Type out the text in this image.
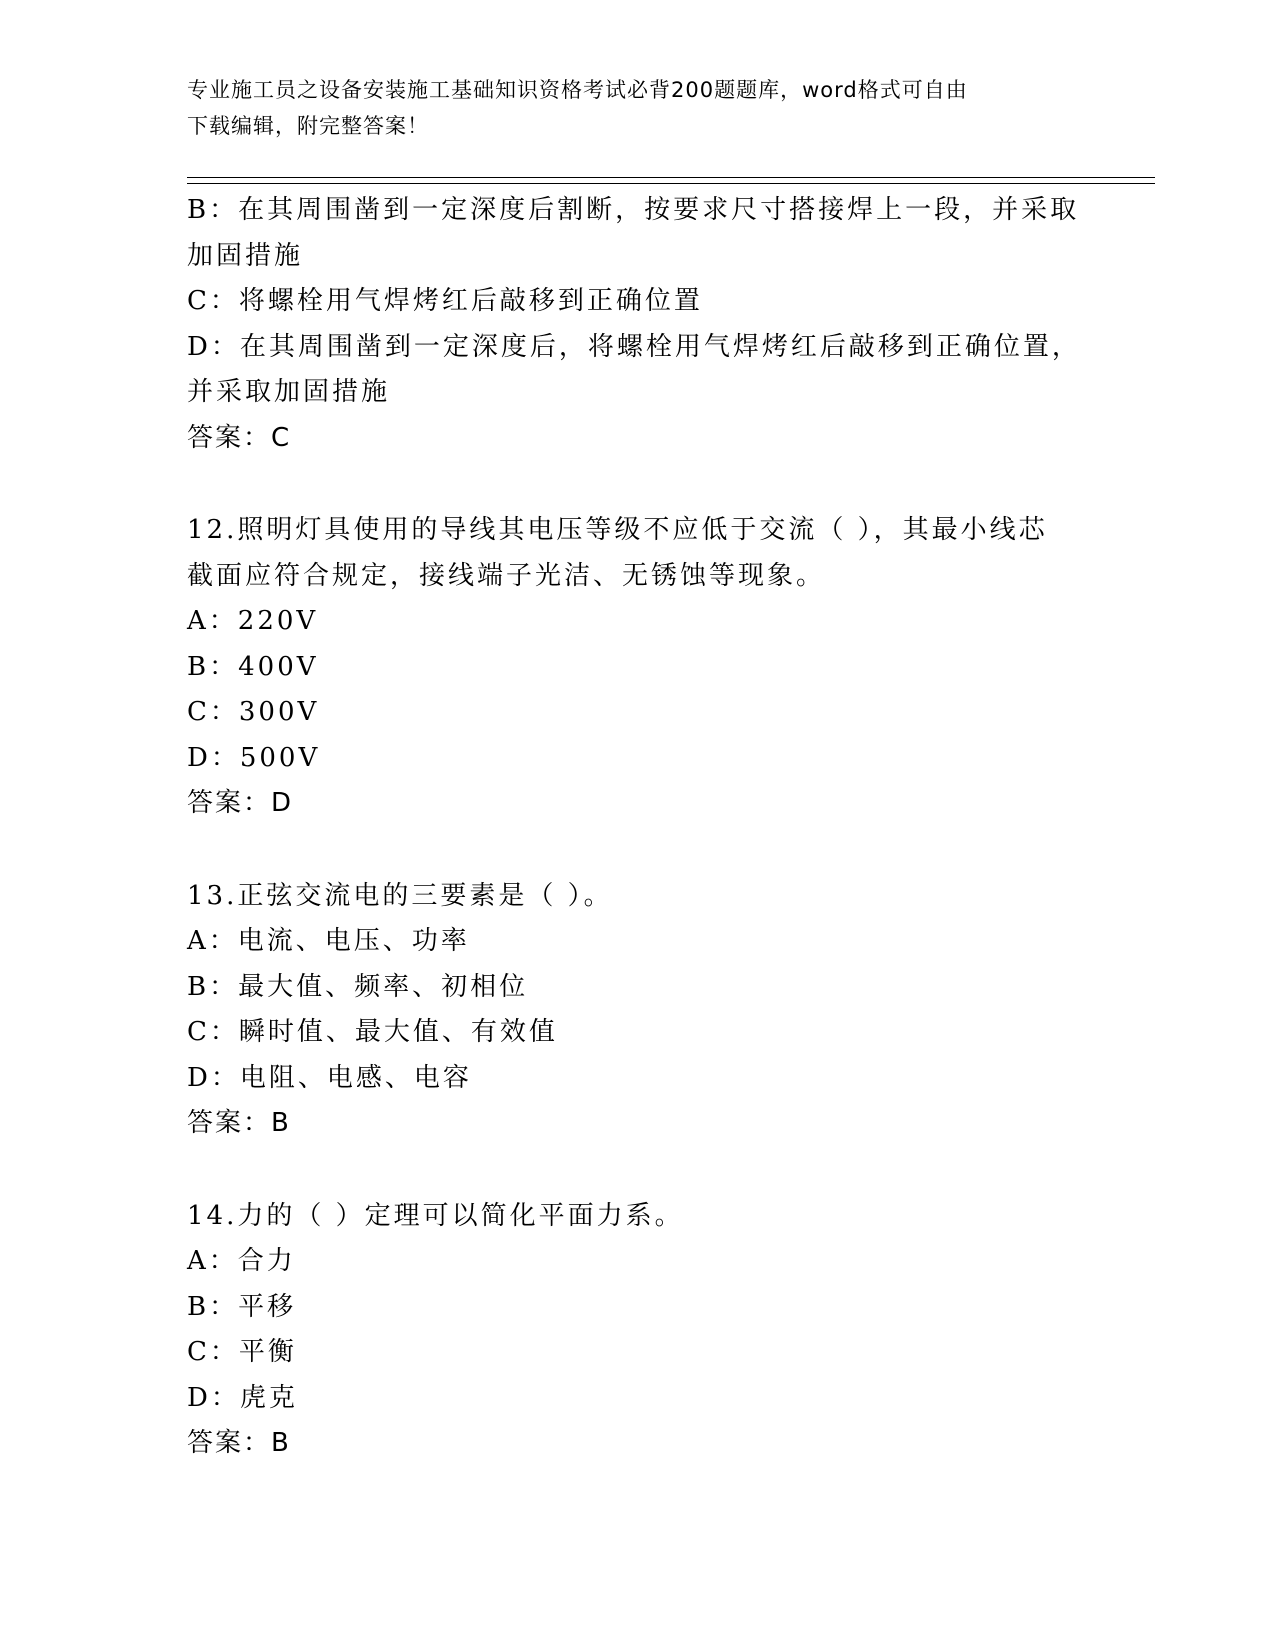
专业施工员之设备安装施工基础知识资格考试必背200题题库，word格式可自由
下载编辑，附完整答案！
B：在其周围凿到一定深度后割断，按要求尺寸搭接焊上一段，并采取
加固措施
C：将螺栓用气焊烤红后敲移到正确位置
D：在其周围凿到一定深度后，将螺栓用气焊烤红后敲移到正确位置，
并采取加固措施
答案：C
12.照明灯具使用的导线其电压等级不应低于交流（ ），其最小线芯
截面应符合规定，接线端子光洁、无锈蚀等现象。
A：220V
B：400V
C：300V
D：500V
答案：D
13.正弦交流电的三要素是（ ）。
A：电流、电压、功率
B：最大值、频率、初相位
C：瞬时值、最大值、有效值
D：电阻、电感、电容
答案：B
14.力的（ ）定理可以简化平面力系。
A：合力
B：平移
C：平衡
D：虎克
答案：B
